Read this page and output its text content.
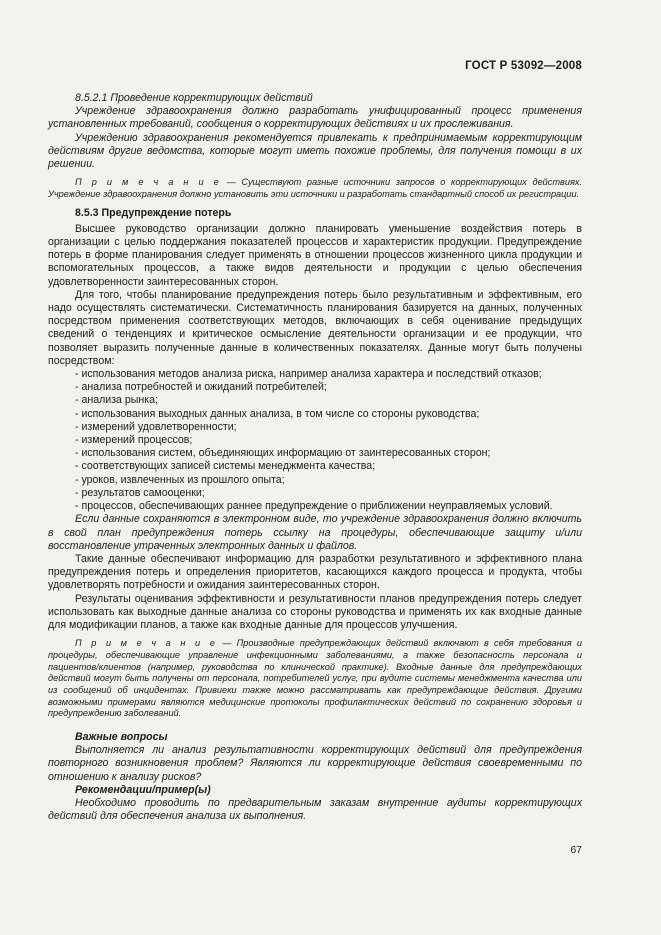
ГОСТ Р 53092—2008

8.5.2.1 Проведение корректирующих действий

Учреждение здравоохранения должно разработать унифицированный процесс применения установленных требований, сообщения о корректирующих действиях и их прослеживания.

Учреждению здравоохранения рекомендуется привлекать к предпринимаемым корректирующим действиям другие ведомства, которые могут иметь похожие проблемы, для получения помощи в их решении.

П р и м е ч а н и е — Существуют разные источники запросов о корректирующих действиях. Учреждение здравоохранения должно установить эти источники и разработать стандартный способ их регистрации.

8.5.3 Предупреждение потерь

Высшее руководство организации должно планировать уменьшение воздействия потерь в организации с целью поддержания показателей процессов и характеристик продукции. Предупреждение потерь в форме планирования следует применять в отношении процессов жизненного цикла продукции и вспомогательных процессов, а также видов деятельности и продукции с целью обеспечения удовлетворенности заинтересованных сторон.

Для того, чтобы планирование предупреждения потерь было результативным и эффективным, его надо осуществлять систематически. Систематичность планирования базируется на данных, полученных посредством применения соответствующих методов, включающих в себя оценивание предыдущих сведений о тенденциях и критическое осмысление деятельности организации и ее продукции, что позволяет выразить полученные данные в количественных показателях. Данные могут быть получены посредством:

- использования методов анализа риска, например анализа характера и последствий отказов;
- анализа потребностей и ожиданий потребителей;
- анализа рынка;
- использования выходных данных анализа, в том числе со стороны руководства;
- измерений удовлетворенности;
- измерений процессов;
- использования систем, объединяющих информацию от заинтересованных сторон;
- соответствующих записей системы менеджмента качества;
- уроков, извлеченных из прошлого опыта;
- результатов самооценки;
- процессов, обеспечивающих раннее предупреждение о приближении неуправляемых условий.

Если данные сохраняются в электронном виде, то учреждение здравоохранения должно включить в свой план предупреждения потерь ссылку на процедуры, обеспечивающие защиту и/или восстановление утраченных электронных данных и файлов.

Такие данные обеспечивают информацию для разработки результативного и эффективного плана предупреждения потерь и определения приоритетов, касающихся каждого процесса и продукта, чтобы удовлетворять потребности и ожидания заинтересованных сторон.

Результаты оценивания эффективности и результативности планов предупреждения потерь следует использовать как выходные данные анализа со стороны руководства и применять их как входные данные для модификации планов, а также как входные данные для процессов улучшения.

П р и м е ч а н и е — Производные предупреждающих действий включают в себя требования и процедуры, обеспечивающие управление инфекционными заболеваниями, а также безопасность персонала и пациентов/клиентов (например, руководства по клинической практике). Входные данные для предупреждающих действий могут быть получены от персонала, потребителей услуг, при вудите системы менеджмента качества или из сообщений об инцидентах. Привиеки также можно рассматривать как предупреждающие действия. Другими возможными примерами являются медицинские протоколы профилактических действий по сохранению здоровья и предупреждению заболеваний.

Важные вопросы

Выполняется ли анализ результативности корректирующих действий для предупреждения повторного возникновения проблем? Являются ли корректирующие действия своевременными по отношению к анализу рисков?

Рекомендации/пример(ы)

Необходимо проводить по предварительным заказам внутренние аудиты корректирующих действий для обеспечения анализа их выполнения.

67
